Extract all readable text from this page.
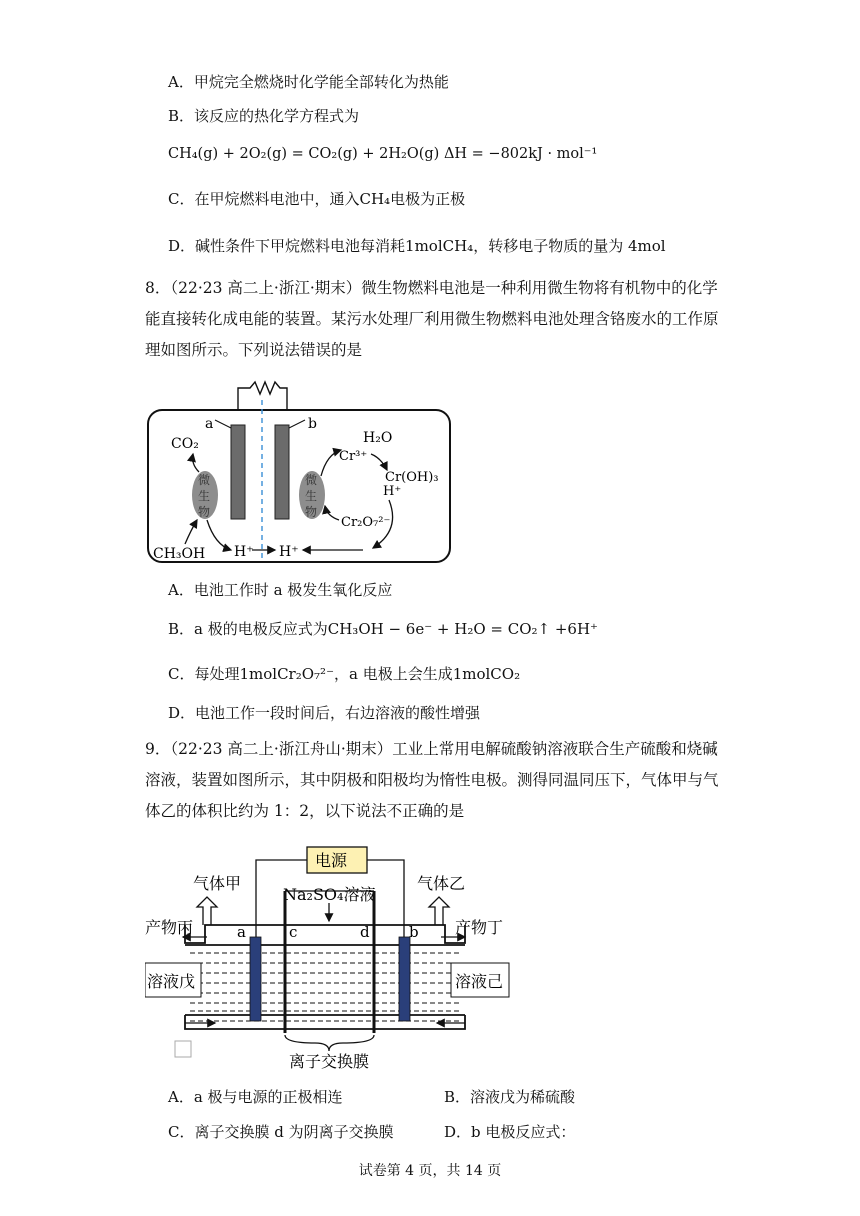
A．甲烷完全燃烧时化学能全部转化为热能
B．该反应的热化学方程式为
CH₄(g) + 2O₂(g) = CO₂(g) + 2H₂O(g) ΔH = −802kJ · mol⁻¹
C．在甲烷燃料电池中，通入CH₄电极为正极
D．碱性条件下甲烷燃料电池每消耗1molCH₄，转移电子物质的量为 4mol
8．（22·23 高二上·浙江·期末）微生物燃料电池是一种利用微生物将有机物中的化学能直接转化成电能的装置。某污水处理厂利用微生物燃料电池处理含铬废水的工作原理如图所示。下列说法错误的是
a	b
微
生
物
微
生
物
CO₂
CH₃OH H⁺ H⁺
Cr³⁺
H₂O
Cr(OH)₃
H⁺
Cr₂O₇²⁻
A．电池工作时 a 极发生氧化反应
B．a 极的电极反应式为CH₃OH − 6e⁻ + H₂O = CO₂↑ +6H⁺
C．每处理1molCr₂O₇²⁻，a 电极上会生成1molCO₂
D．电池工作一段时间后，右边溶液的酸性增强
9．（22·23 高二上·浙江舟山·期末）工业上常用电解硫酸钠溶液联合生产硫酸和烧碱溶液，装置如图所示，其中阴极和阳极均为惰性电极。测得同温同压下，气体甲与气体乙的体积比约为 1：2，以下说法不正确的是
电源
气体甲	气体乙
Na₂SO₄溶液
产物丙	产物丁
溶液戊	溶液己
a	c	d	b
离子交换膜
A．a 极与电源的正极相连	B．溶液戊为稀硫酸
C．离子交换膜 d 为阴离子交换膜	D．b 电极反应式：
试卷第 4 页，共 14 页
